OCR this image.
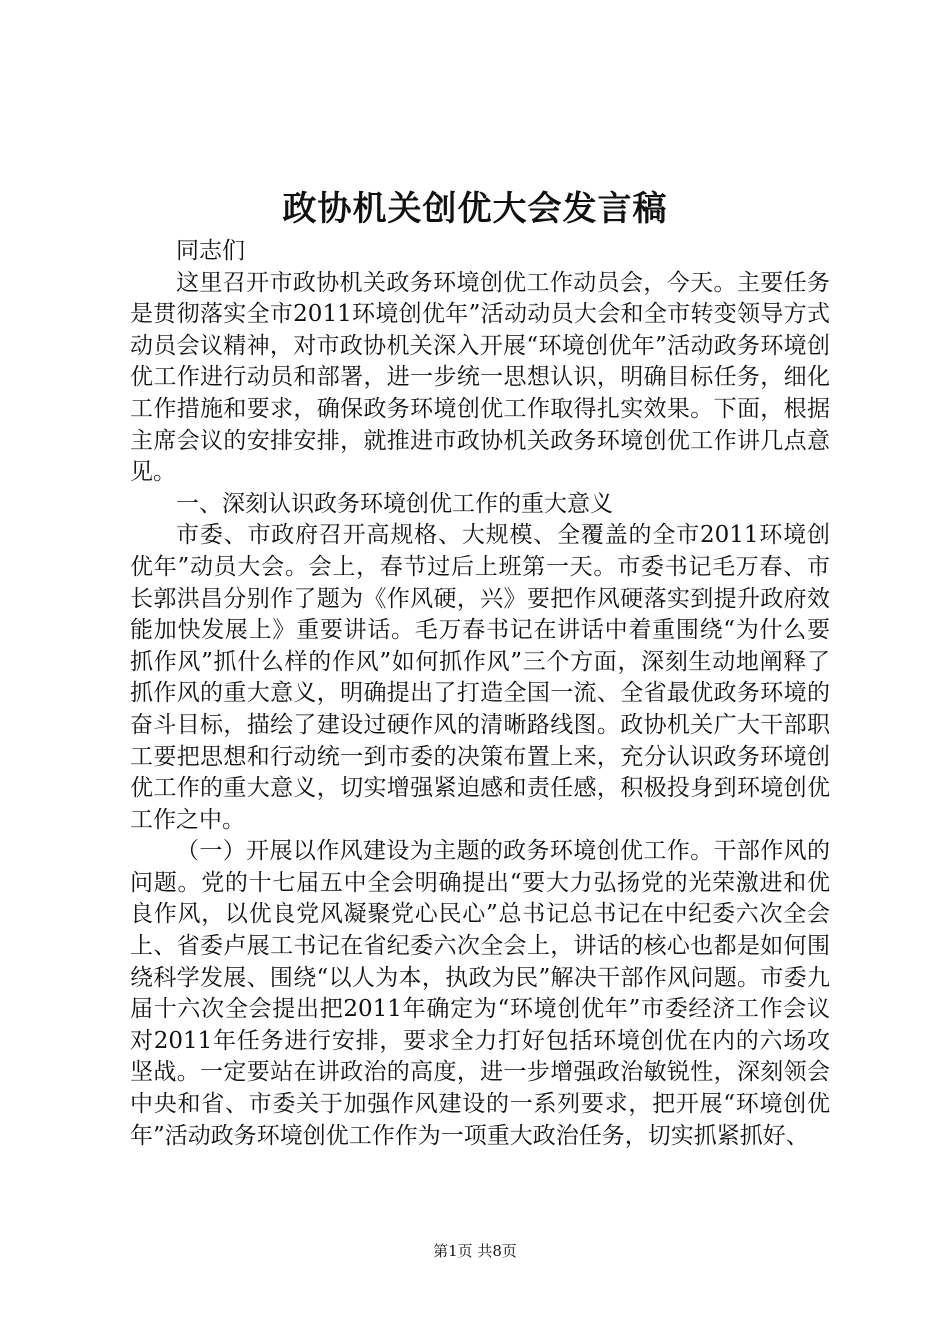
政协机关创优大会发言稿

同志们

这里召开市政协机关政务环境创优工作动员会，今天。主要任务是贯彻落实全市2011环境创优年”活动动员大会和全市转变领导方式动员会议精神，对市政协机关深入开展“环境创优年”活动政务环境创优工作进行动员和部署，进一步统一思想认识，明确目标任务，细化工作措施和要求，确保政务环境创优工作取得扎实效果。下面，根据主席会议的安排安排，就推进市政协机关政务环境创优工作讲几点意见。

一、深刻认识政务环境创优工作的重大意义

市委、市政府召开高规格、大规模、全覆盖的全市2011环境创优年”动员大会。会上，春节过后上班第一天。市委书记毛万春、市长郭洪昌分别作了题为《作风硬，兴》要把作风硬落实到提升政府效能加快发展上》重要讲话。毛万春书记在讲话中着重围绕“为什么要抓作风”抓什么样的作风”如何抓作风”三个方面，深刻生动地阐释了抓作风的重大意义，明确提出了打造全国一流、全省最优政务环境的奋斗目标，描绘了建设过硬作风的清晰路线图。政协机关广大干部职工要把思想和行动统一到市委的决策布置上来，充分认识政务环境创优工作的重大意义，切实增强紧迫感和责任感，积极投身到环境创优工作之中。

（一）开展以作风建设为主题的政务环境创优工作。干部作风的问题。党的十七届五中全会明确提出“要大力弘扬党的光荣激进和优良作风，以优良党风凝聚党心民心”总书记总书记在中纪委六次全会上、省委卢展工书记在省纪委六次全会上，讲话的核心也都是如何围绕科学发展、围绕“以人为本，执政为民”解决干部作风问题。市委九届十六次全会提出把2011年确定为“环境创优年”市委经济工作会议对2011年任务进行安排，要求全力打好包括环境创优在内的六场攻坚战。一定要站在讲政治的高度，进一步增强政治敏锐性，深刻领会中央和省、市委关于加强作风建设的一系列要求，把开展“环境创优年”活动政务环境创优工作作为一项重大政治任务，切实抓紧抓好、

第1页 共8页
